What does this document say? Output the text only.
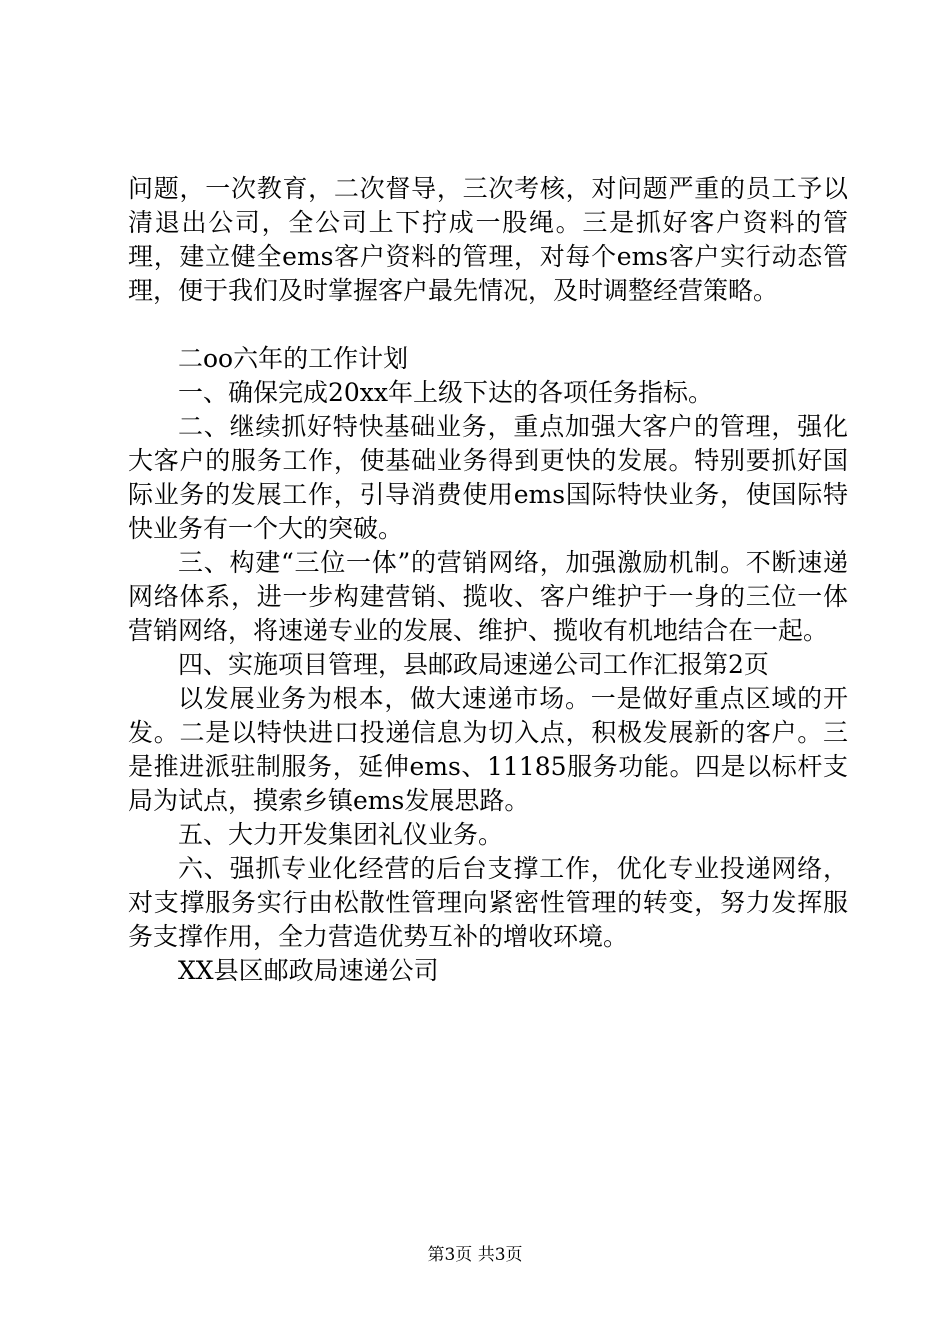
问题，一次教育，二次督导，三次考核，对问题严重的员工予以清退出公司，全公司上下拧成一股绳。三是抓好客户资料的管理，建立健全ems客户资料的管理，对每个ems客户实行动态管理，便于我们及时掌握客户最先情况，及时调整经营策略。

二oo六年的工作计划

一、确保完成20xx年上级下达的各项任务指标。

二、继续抓好特快基础业务，重点加强大客户的管理，强化大客户的服务工作，使基础业务得到更快的发展。特别要抓好国际业务的发展工作，引导消费使用ems国际特快业务，使国际特快业务有一个大的突破。

三、构建“三位一体”的营销网络，加强激励机制。不断速递网络体系，进一步构建营销、揽收、客户维护于一身的三位一体营销网络，将速递专业的发展、维护、揽收有机地结合在一起。

四、实施项目管理，县邮政局速递公司工作汇报第2页

以发展业务为根本，做大速递市场。一是做好重点区域的开发。二是以特快进口投递信息为切入点，积极发展新的客户。三是推进派驻制服务，延伸ems、11185服务功能。四是以标杆支局为试点，摸索乡镇ems发展思路。

五、大力开发集团礼仪业务。

六、强抓专业化经营的后台支撑工作，优化专业投递网络，对支撑服务实行由松散性管理向紧密性管理的转变，努力发挥服务支撑作用，全力营造优势互补的增收环境。

XX县区邮政局速递公司

第3页 共3页
